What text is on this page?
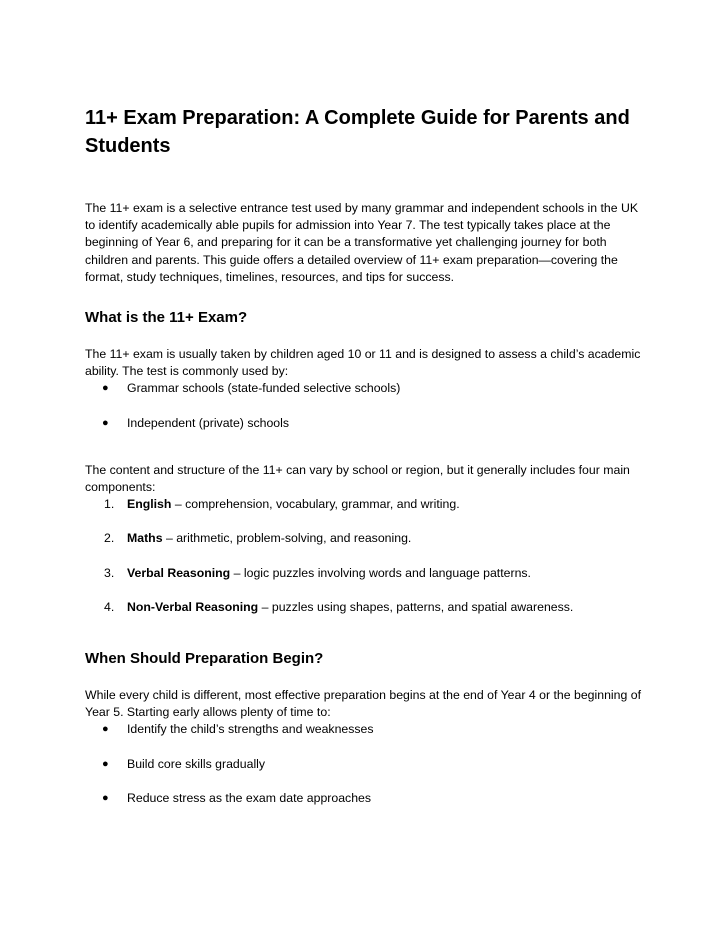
11+ Exam Preparation: A Complete Guide for Parents and Students

The 11+ exam is a selective entrance test used by many grammar and independent schools in the UK to identify academically able pupils for admission into Year 7. The test typically takes place at the beginning of Year 6, and preparing for it can be a transformative yet challenging journey for both children and parents. This guide offers a detailed overview of 11+ exam preparation—covering the format, study techniques, timelines, resources, and tips for success.

What is the 11+ Exam?

The 11+ exam is usually taken by children aged 10 or 11 and is designed to assess a child’s academic ability. The test is commonly used by:

● Grammar schools (state-funded selective schools)
● Independent (private) schools

The content and structure of the 11+ can vary by school or region, but it generally includes four main components:

1. English – comprehension, vocabulary, grammar, and writing.
2. Maths – arithmetic, problem-solving, and reasoning.
3. Verbal Reasoning – logic puzzles involving words and language patterns.
4. Non-Verbal Reasoning – puzzles using shapes, patterns, and spatial awareness.
When Should Preparation Begin?

While every child is different, most effective preparation begins at the end of Year 4 or the beginning of Year 5. Starting early allows plenty of time to:

● Identify the child’s strengths and weaknesses
● Build core skills gradually
● Reduce stress as the exam date approaches
